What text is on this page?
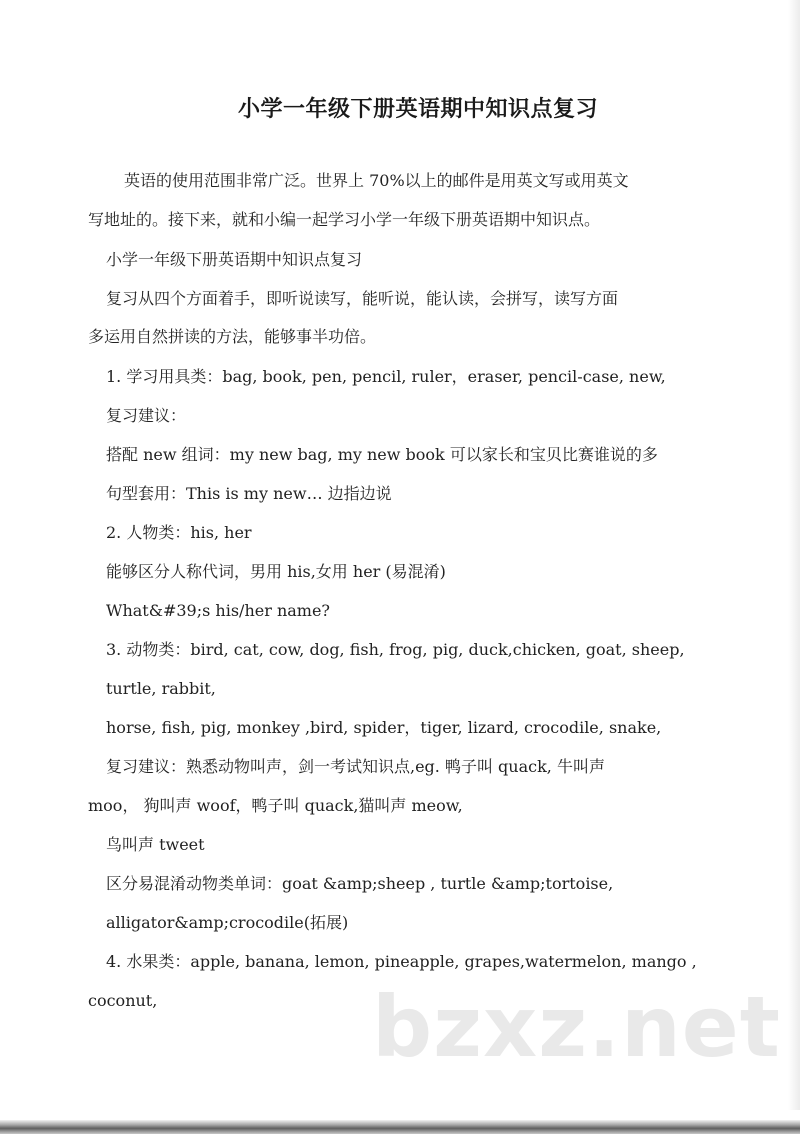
小学一年级下册英语期中知识点复习
英语的使用范围非常广泛。世界上 70%以上的邮件是用英文写或用英文
写地址的。接下来，就和小编一起学习小学一年级下册英语期中知识点。
小学一年级下册英语期中知识点复习
复习从四个方面着手，即听说读写，能听说，能认读，会拼写，读写方面
多运用自然拼读的方法，能够事半功倍。
1. 学习用具类：bag, book, pen, pencil, ruler，eraser, pencil-case, new,
复习建议：
搭配 new 组词：my new bag, my new book 可以家长和宝贝比赛谁说的多
句型套用：This is my new… 边指边说
2. 人物类：his, her
能够区分人称代词，男用 his,女用 her (易混淆)
What&#39;s his/her name?
3. 动物类：bird, cat, cow, dog, fish, frog, pig, duck,chicken, goat, sheep,
turtle, rabbit,
horse, fish, pig, monkey ,bird, spider，tiger, lizard, crocodile, snake,
复习建议：熟悉动物叫声，剑一考试知识点,eg. 鸭子叫 quack, 牛叫声
moo， 狗叫声 woof，鸭子叫 quack,猫叫声 meow,
鸟叫声 tweet
区分易混淆动物类单词：goat &amp;sheep , turtle &amp;tortoise,
alligator&amp;crocodile(拓展)
4. 水果类：apple, banana, lemon, pineapple, grapes,watermelon, mango ,
coconut,	bzxz.net
